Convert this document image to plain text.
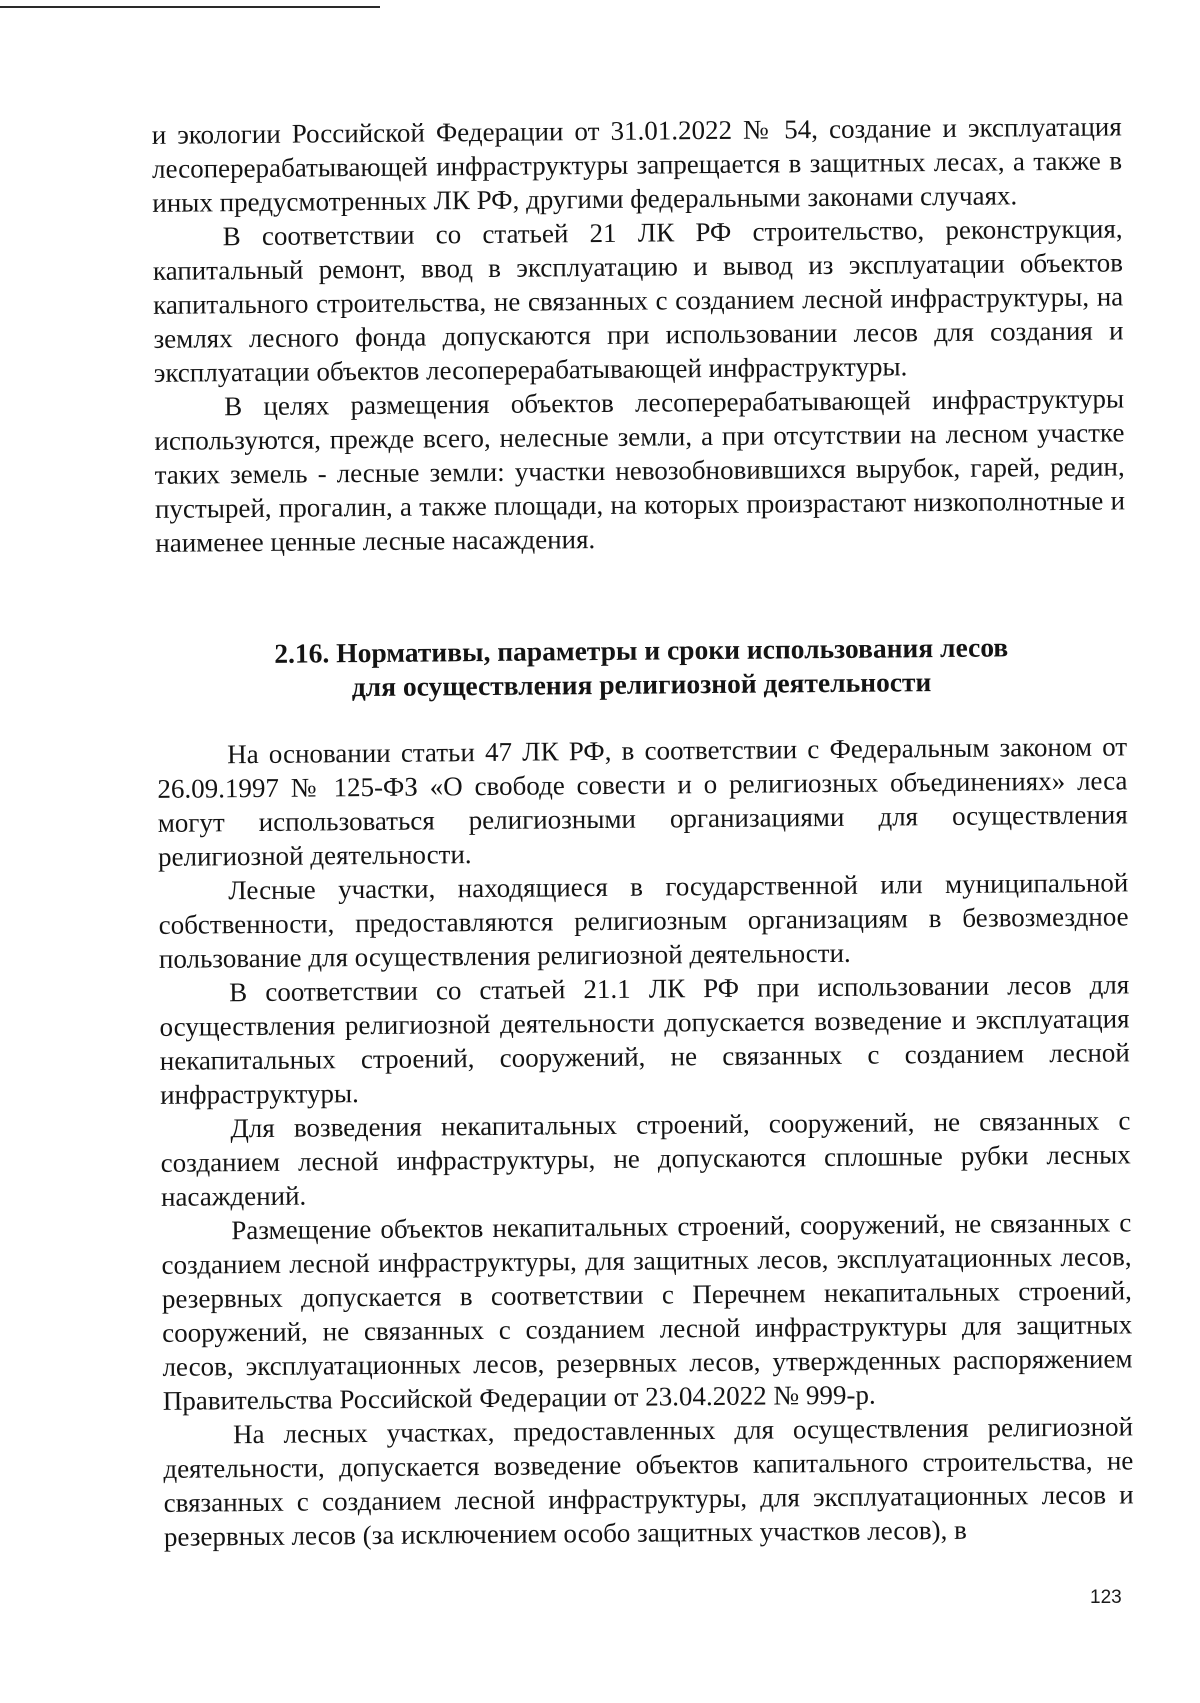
и экологии Российской Федерации от 31.01.2022 № 54, создание и эксплуатация лесоперерабатывающей инфраструктуры запрещается в защитных лесах, а также в иных предусмотренных ЛК РФ, другими федеральными законами случаях.

В соответствии со статьей 21 ЛК РФ строительство, реконструкция, капитальный ремонт, ввод в эксплуатацию и вывод из эксплуатации объектов капитального строительства, не связанных с созданием лесной инфраструктуры, на землях лесного фонда допускаются при использовании лесов для создания и эксплуатации объектов лесоперерабатывающей инфраструктуры.

В целях размещения объектов лесоперерабатывающей инфраструктуры используются, прежде всего, нелесные земли, а при отсутствии на лесном участке таких земель - лесные земли: участки невозобновившихся вырубок, гарей, редин, пустырей, прогалин, а также площади, на которых произрастают низкополнотные и наименее ценные лесные насаждения.

2.16. Нормативы, параметры и сроки использования лесов
для осуществления религиозной деятельности

На основании статьи 47 ЛК РФ, в соответствии с Федеральным законом от 26.09.1997 № 125-ФЗ «О свободе совести и о религиозных объединениях» леса могут использоваться религиозными организациями для осуществления религиозной деятельности.

Лесные участки, находящиеся в государственной или муниципальной собственности, предоставляются религиозным организациям в безвозмездное пользование для осуществления религиозной деятельности.

В соответствии со статьей 21.1 ЛК РФ при использовании лесов для осуществления религиозной деятельности допускается возведение и эксплуатация некапитальных строений, сооружений, не связанных с созданием лесной инфраструктуры.

Для возведения некапитальных строений, сооружений, не связанных с созданием лесной инфраструктуры, не допускаются сплошные рубки лесных насаждений.

Размещение объектов некапитальных строений, сооружений, не связанных с созданием лесной инфраструктуры, для защитных лесов, эксплуатационных лесов, резервных допускается в соответствии с Перечнем некапитальных строений, сооружений, не связанных с созданием лесной инфраструктуры для защитных лесов, эксплуатационных лесов, резервных лесов, утвержденных распоряжением Правительства Российской Федерации от 23.04.2022 № 999-р.

На лесных участках, предоставленных для осуществления религиозной деятельности, допускается возведение объектов капитального строительства, не связанных с созданием лесной инфраструктуры, для эксплуатационных лесов и резервных лесов (за исключением особо защитных участков лесов), в

123
